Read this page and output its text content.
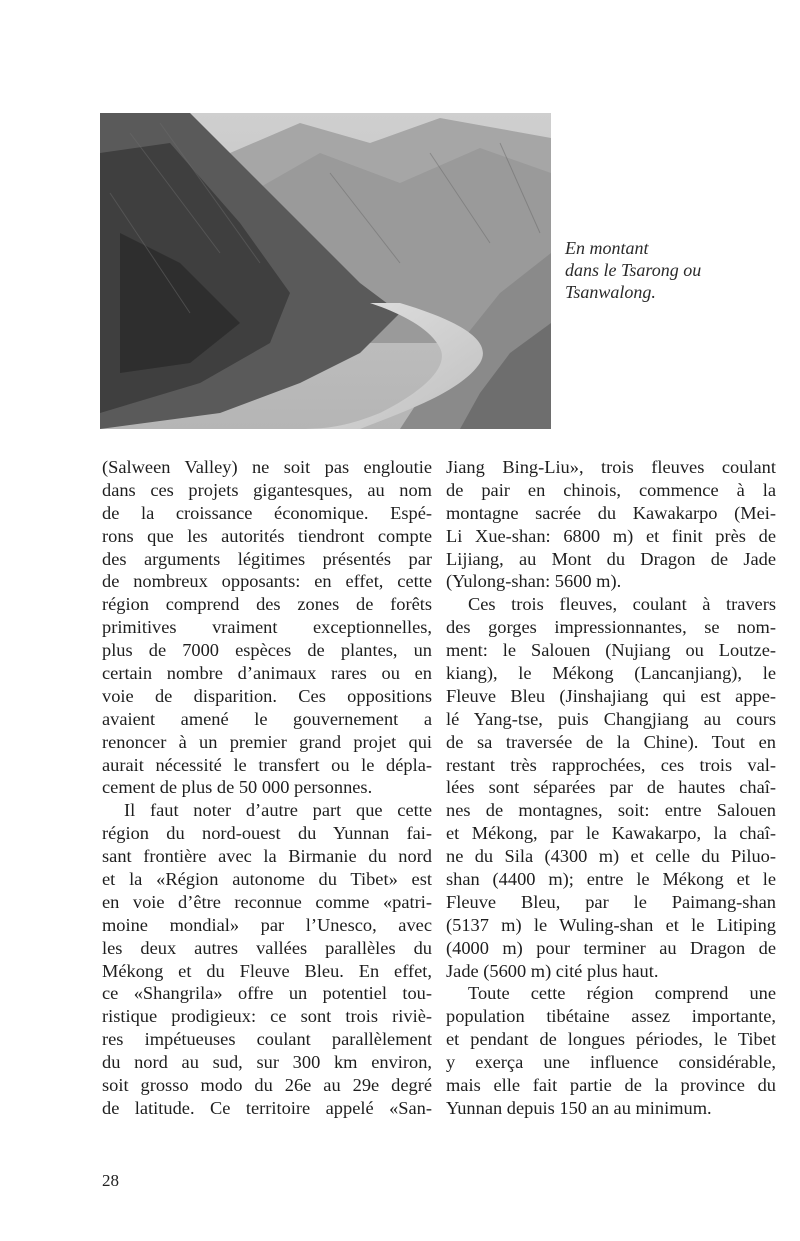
En montant
dans le Tsarong ou
Tsanwalong.
(Salween Valley) ne soit pas engloutie
dans ces projets gigantesques, au nom
de la croissance économique. Espé-
rons que les autorités tiendront compte
des arguments légitimes présentés par
de nombreux opposants: en effet, cette
région comprend des zones de forêts
primitives vraiment exceptionnelles,
plus de 7000 espèces de plantes, un
certain nombre d’animaux rares ou en
voie de disparition. Ces oppositions
avaient amené le gouvernement a
renoncer à un premier grand projet qui
aurait nécessité le transfert ou le dépla-
cement de plus de 50 000 personnes.
Il faut noter d’autre part que cette
région du nord-ouest du Yunnan fai-
sant frontière avec la Birmanie du nord
et la «Région autonome du Tibet» est
en voie d’être reconnue comme «patri-
moine mondial» par l’Unesco, avec
les deux autres vallées parallèles du
Mékong et du Fleuve Bleu. En effet,
ce «Shangrila» offre un potentiel tou-
ristique prodigieux: ce sont trois riviè-
res impétueuses coulant parallèlement
du nord au sud, sur 300 km environ,
soit grosso modo du 26e au 29e degré
de latitude. Ce territoire appelé «San-
Jiang Bing-Liu», trois fleuves coulant
de pair en chinois, commence à la
montagne sacrée du Kawakarpo (Mei-
Li Xue-shan: 6800 m) et finit près de
Lijiang, au Mont du Dragon de Jade
(Yulong-shan: 5600 m).
Ces trois fleuves, coulant à travers
des gorges impressionnantes, se nom-
ment: le Salouen (Nujiang ou Loutze-
kiang), le Mékong (Lancanjiang), le
Fleuve Bleu (Jinshajiang qui est appe-
lé Yang-tse, puis Changjiang au cours
de sa traversée de la Chine). Tout en
restant très rapprochées, ces trois val-
lées sont séparées par de hautes chaî-
nes de montagnes, soit: entre Salouen
et Mékong, par le Kawakarpo, la chaî-
ne du Sila (4300 m) et celle du Piluo-
shan (4400 m); entre le Mékong et le
Fleuve Bleu, par le Paimang-shan
(5137 m) le Wuling-shan et le Litiping
(4000 m) pour terminer au Dragon de
Jade (5600 m) cité plus haut.
Toute cette région comprend une
population tibétaine assez importante,
et pendant de longues périodes, le Tibet
y exerça une influence considérable,
mais elle fait partie de la province du
Yunnan depuis 150 an au minimum.
28
